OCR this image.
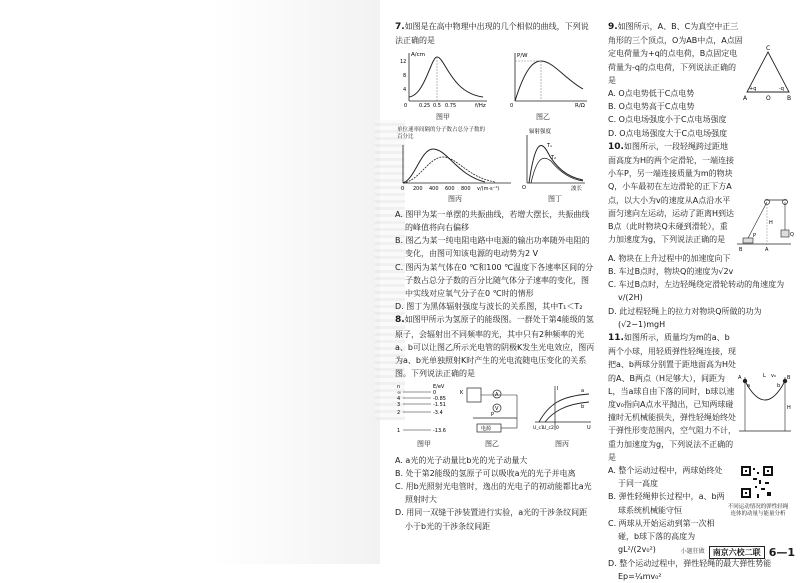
7.如图是在高中物理中出现的几个相似的曲线，下列说法正确的是
A/cm
f/Hz
12
8
4
0 0.25 0.5 0.75
P/W
R/Ω
0
图甲	图乙
单位速率间隔的分子数占总分子数的百分比
0 200 400 600 800 v/(m·s⁻¹)
辐射强度
波长
T₁
T₂
O
图丙	图丁
A. 图甲为某一单摆的共振曲线，若增大摆长，共振曲线的峰值将向右偏移
B. 图乙为某一纯电阻电路中电源的输出功率随外电阻的变化，由图可知该电源的电动势为2 V
C. 图丙为某气体在0 ℃和100 ℃温度下各速率区间的分子数占总分子数的百分比随气体分子速率的变化，图中实线对应氧气分子在0 ℃时的情形
D. 图丁为黑体辐射强度与波长的关系图，其中T₁＜T₂
8.如图甲所示为氢原子的能级图。一群处于第4能级的氢原子，会辐射出不同频率的光，其中只有2种频率的光a、b可以让图乙所示光电管的阴极K发生光电效应，图丙为a、b光单独照射K时产生的光电流随电压变化的关系图。下列说法正确的是
n	E/eV
∞	0
4	-0.85
3	-1.51
2	-3.4
1	-13.6
K	A
V
P
电源
I
U
a
b
U_c1 U_c2 0
图甲	图乙	图丙
A. a光的光子动量比b光的光子动量大
B. 处于第2能级的氢原子可以吸收a光的光子并电离
C. 用b光照射光电管时，逸出的光电子的初动能都比a光照射时大
D. 用同一双缝干涉装置进行实验，a光的干涉条纹间距小于b光的干涉条纹间距
9.如图所示，A、B、C为真空中正三角形的三个顶点，O为AB中点，A点固定电荷量为+q的点电荷，B点固定电荷量为-q的点电荷，下列说法正确的是
A. O点电势低于C点电势
B. O点电势高于C点电势
C. O点电场强度小于C点电场强度
D. O点电场强度大于C点电场强度
C
A	O	B
+q	-q
10.如图所示，一段轻绳跨过距地面高度为H的两个定滑轮，一端连接小车P，另一端连接质量为m的物块Q，小车最初在左边滑轮的正下方A点，以大小为v的速度从A点沿水平面匀速向左运动，运动了距离H到达B点（此时物块Q未碰到滑轮），重力加速度为g，下列说法正确的是
B	A
P	Q
H
A. 物块在上升过程中的加速度向下
B. 车过B点时，物块Q的速度为√2v
C. 车过B点时，左边轻绳绕定滑轮转动的角速度为v/(2H)
D. 此过程轻绳上的拉力对物块Q所做的功为(√2−1)mgH
11.如图所示，质量均为m的a、b两个小球，用轻质弹性轻绳连接，现把a、b两球分别置于距地面高为H处的A、B两点（H足够大），间距为L，当a球自由下落的同时，b球以速度v₀指向A点水平抛出，已知两球碰撞时无机械能损失，弹性轻绳始终处于弹性形变范围内，空气阻力不计，重力加速度为g，下列说法不正确的是
A
a	b
B
v₀
H
L
A. 整个运动过程中，两球始终处于同一高度
B. 弹性轻绳伸长过程中，a、b两球系统机械能守恒
C. 两球从开始运动到第一次相碰，b球下落的高度为gL²/(2v₀²)
不同运动情况的弹性轻绳连体的动量与能量分析
D. 整个运动过程中，弹性轻绳的最大弹性势能Ep=¼mv₀²
小题狂做	南京六校二联 6—1
